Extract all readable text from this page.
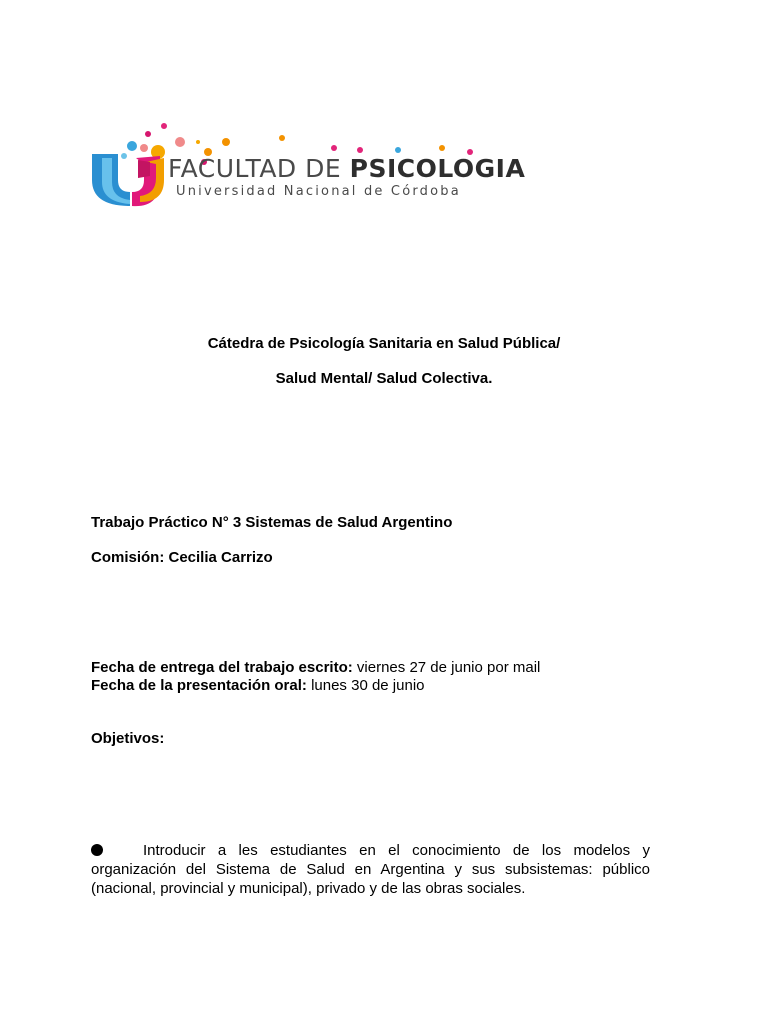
FACULTAD DE PSICOLOGIA
Universidad Nacional de Córdoba
Cátedra de Psicología Sanitaria en Salud Pública/
Salud Mental/ Salud Colectiva.
Trabajo Práctico N° 3 Sistemas de Salud Argentino
Comisión: Cecilia Carrizo
Fecha de entrega del trabajo escrito: viernes 27 de junio por mail
Fecha de la presentación oral: lunes 30 de junio
Objetivos:
Introducir a les estudiantes en el conocimiento de los modelos y organización del Sistema de Salud en Argentina y sus subsistemas: público (nacional, provincial y municipal), privado y de las obras sociales.
